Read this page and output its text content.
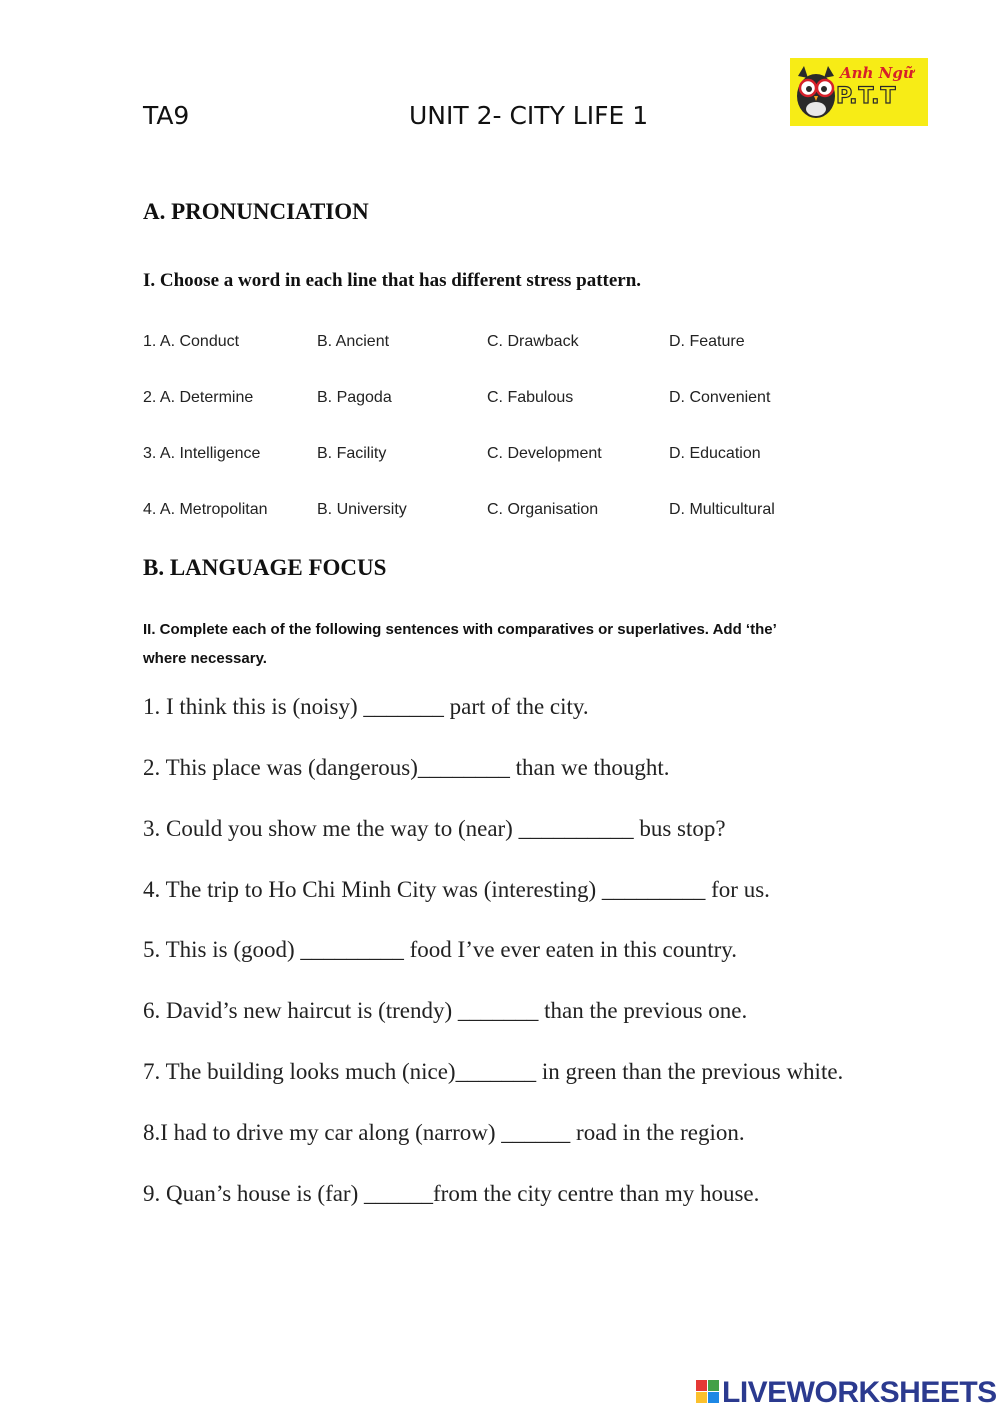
TA9	UNIT 2- CITY LIFE 1
Anh Ngữ
P.T.T
A. PRONUNCIATION
I. Choose a word in each line that has different stress pattern.
1. A. Conduct	B. Ancient	C. Drawback	D. Feature
2. A. Determine	B. Pagoda	C. Fabulous	D. Convenient
3. A. Intelligence	B. Facility	C. Development	D. Education
4. A. Metropolitan	B. University	C. Organisation	D. Multicultural
B. LANGUAGE FOCUS
II. Complete each of the following sentences with comparatives or superlatives. Add ‘the’
where necessary.
1. I think this is (noisy) _______ part of the city.
2. This place was (dangerous)________ than we thought.
3. Could you show me the way to (near) __________ bus stop?
4. The trip to Ho Chi Minh City was (interesting) _________ for us.
5. This is (good) _________ food I’ve ever eaten in this country.
6. David’s new haircut is (trendy) _______ than the previous one.
7. The building looks much (nice)_______ in green than the previous white.
8.I had to drive my car along (narrow) ______ road in the region.
9. Quan’s house is (far) ______from the city centre than my house.
LIVEWORKSHEETS
